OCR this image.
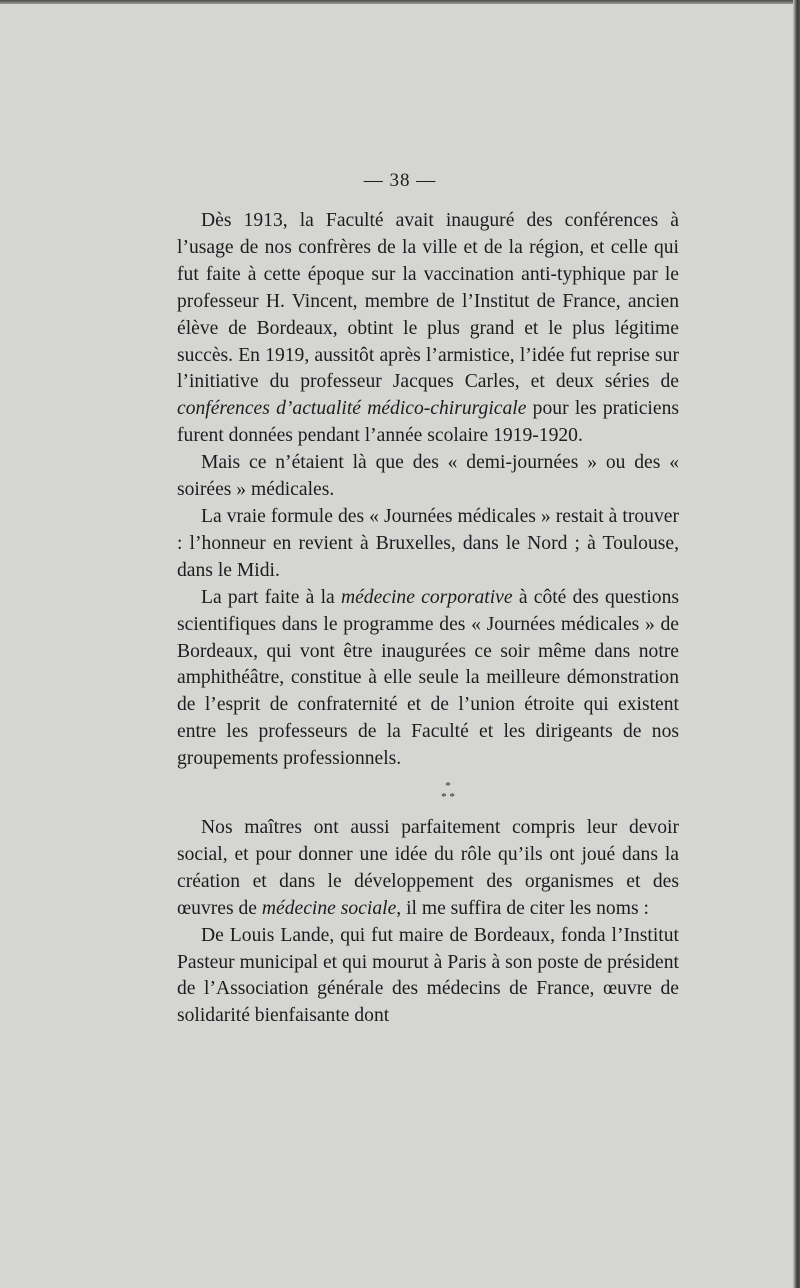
— 38 —

Dès 1913, la Faculté avait inauguré des conférences à l’usage de nos confrères de la ville et de la région, et celle qui fut faite à cette époque sur la vaccination anti-typhique par le professeur H. Vincent, membre de l’Institut de France, ancien élève de Bordeaux, obtint le plus grand et le plus légitime succès. En 1919, aussitôt après l’armistice, l’idée fut reprise sur l’initiative du professeur Jacques Carles, et deux séries de conférences d’actualité médico-chirurgicale pour les praticiens furent données pendant l’année scolaire 1919-1920.

Mais ce n’étaient là que des « demi-journées » ou des « soirées » médicales.

La vraie formule des « Journées médicales » restait à trouver : l’honneur en revient à Bruxelles, dans le Nord ; à Toulouse, dans le Midi.

La part faite à la médecine corporative à côté des questions scientifiques dans le programme des « Journées médicales » de Bordeaux, qui vont être inaugurées ce soir même dans notre amphithéâtre, constitue à elle seule la meilleure démonstration de l’esprit de confraternité et de l’union étroite qui existent entre les professeurs de la Faculté et les dirigeants de nos groupements professionnels.

*
* *

Nos maîtres ont aussi parfaitement compris leur devoir social, et pour donner une idée du rôle qu’ils ont joué dans la création et dans le développement des organismes et des œuvres de médecine sociale, il me suffira de citer les noms :

De Louis Lande, qui fut maire de Bordeaux, fonda l’Institut Pasteur municipal et qui mourut à Paris à son poste de président de l’Association générale des médecins de France, œuvre de solidarité bienfaisante dont
